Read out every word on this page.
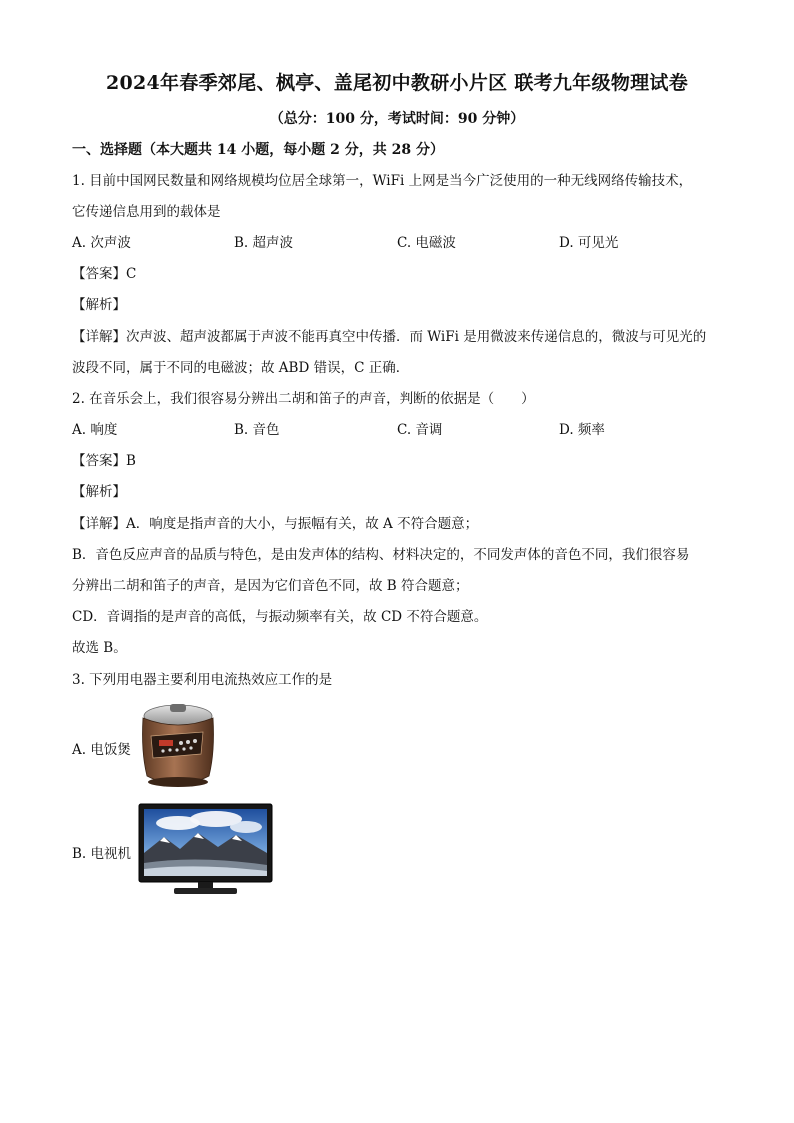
2024年春季郊尾、枫亭、盖尾初中教研小片区 联考九年级物理试卷
（总分：100 分，考试时间：90 分钟）
一、选择题（本大题共 14 小题，每小题 2 分，共 28 分）
1. 目前中国网民数量和网络规模均位居全球第一，WiFi 上网是当今广泛使用的一种无线网络传输技术，
它传递信息用到的载体是
A. 次声波	B. 超声波	C. 电磁波	D. 可见光
【答案】C
【解析】
【详解】次声波、超声波都属于声波不能再真空中传播．而 WiFi 是用微波来传递信息的，微波与可见光的
波段不同，属于不同的电磁波；故 ABD 错误，C 正确．
2. 在音乐会上，我们很容易分辨出二胡和笛子的声音，判断的依据是（　　）
A. 响度	B. 音色	C. 音调	D. 频率
【答案】B
【解析】
【详解】A．响度是指声音的大小，与振幅有关，故 A 不符合题意；
B．音色反应声音的品质与特色，是由发声体的结构、材料决定的，不同发声体的音色不同，我们很容易
分辨出二胡和笛子的声音，是因为它们音色不同，故 B 符合题意；
CD．音调指的是声音的高低，与振动频率有关，故 CD 不符合题意。
故选 B。
3. 下列用电器主要利用电流热效应工作的是
A. 电饭煲
B. 电视机
